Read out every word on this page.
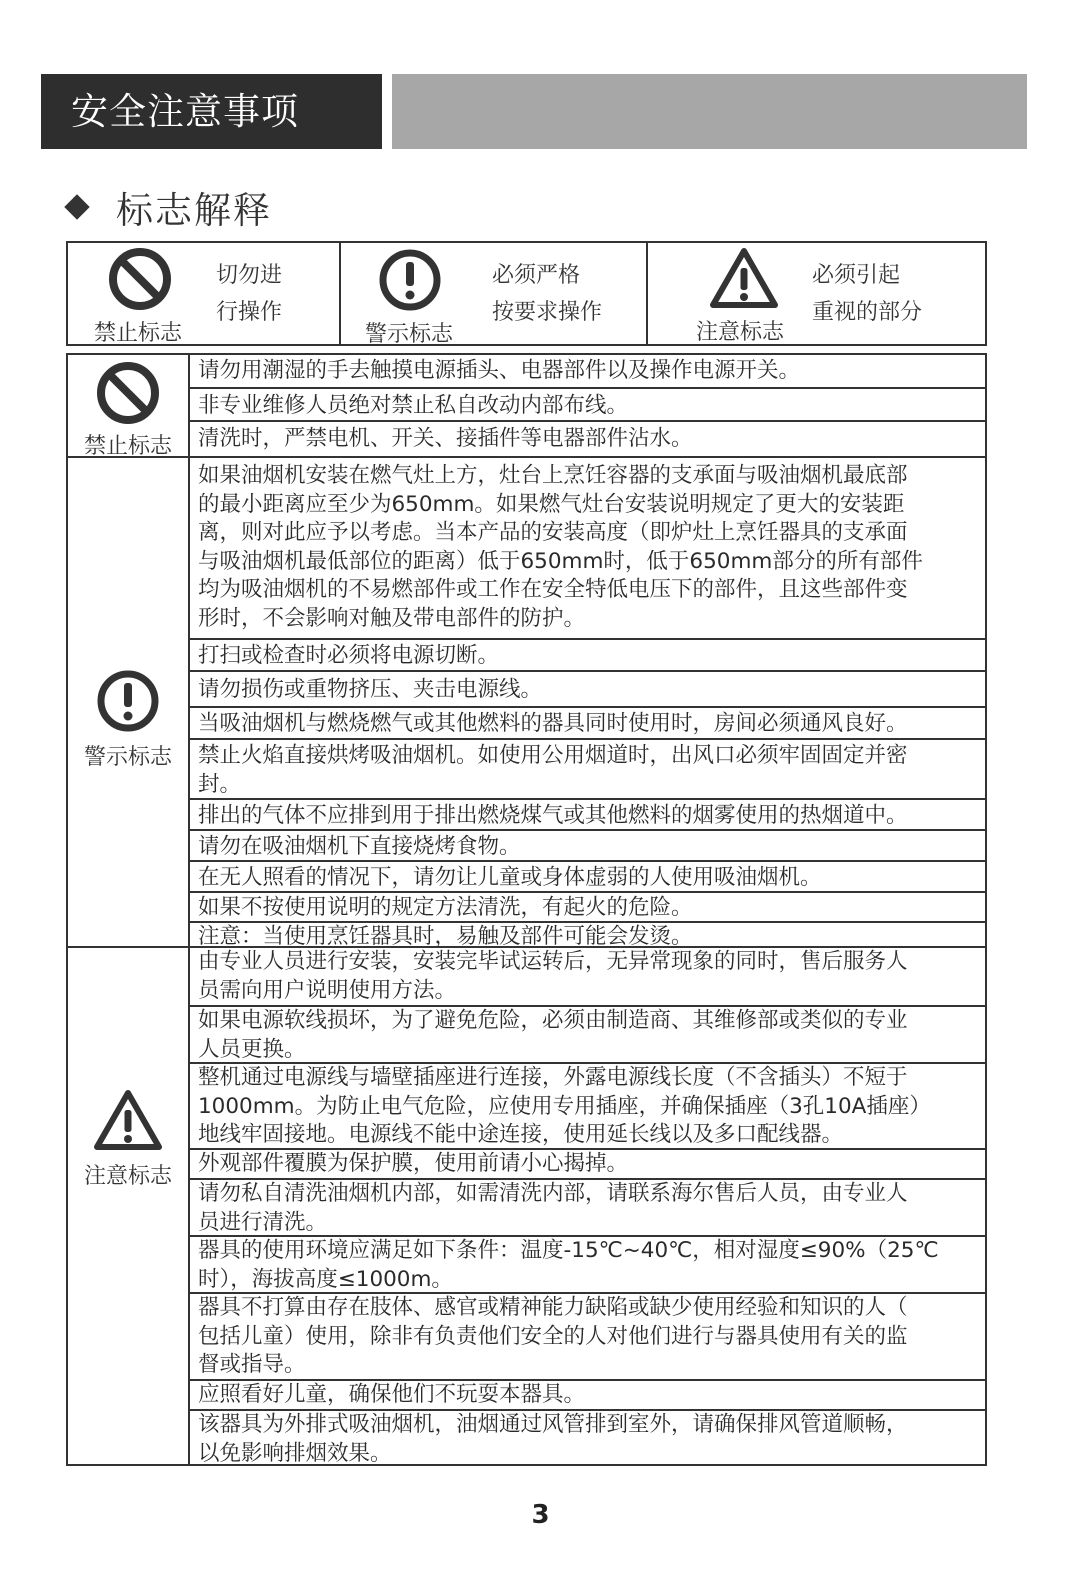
安全注意事项
标志解释
禁止标志
切勿进
行操作
警示标志
必须严格
按要求操作
注意标志
必须引起
重视的部分
禁止标志
请勿用潮湿的手去触摸电源插头、电器部件以及操作电源开关。
非专业维修人员绝对禁止私自改动内部布线。
清洗时，严禁电机、开关、接插件等电器部件沾水。
警示标志
如果油烟机安装在燃气灶上方，灶台上烹饪容器的支承面与吸油烟机最底部
的最小距离应至少为650mm。如果燃气灶台安装说明规定了更大的安装距
离，则对此应予以考虑。当本产品的安装高度（即炉灶上烹饪器具的支承面
与吸油烟机最低部位的距离）低于650mm时，低于650mm部分的所有部件
均为吸油烟机的不易燃部件或工作在安全特低电压下的部件，且这些部件变
形时，不会影响对触及带电部件的防护。
打扫或检查时必须将电源切断。
请勿损伤或重物挤压、夹击电源线。
当吸油烟机与燃烧燃气或其他燃料的器具同时使用时，房间必须通风良好。
禁止火焰直接烘烤吸油烟机。如使用公用烟道时，出风口必须牢固固定并密
封。
排出的气体不应排到用于排出燃烧煤气或其他燃料的烟雾使用的热烟道中。
请勿在吸油烟机下直接烧烤食物。
在无人照看的情况下，请勿让儿童或身体虚弱的人使用吸油烟机。
如果不按使用说明的规定方法清洗，有起火的危险。
注意：当使用烹饪器具时，易触及部件可能会发烫。
注意标志
由专业人员进行安装，安装完毕试运转后，无异常现象的同时，售后服务人
员需向用户说明使用方法。
如果电源软线损坏，为了避免危险，必须由制造商、其维修部或类似的专业
人员更换。
整机通过电源线与墙壁插座进行连接，外露电源线长度（不含插头）不短于
1000mm。为防止电气危险，应使用专用插座，并确保插座（3孔10A插座）
地线牢固接地。电源线不能中途连接，使用延长线以及多口配线器。
外观部件覆膜为保护膜，使用前请小心揭掉。
请勿私自清洗油烟机内部，如需清洗内部，请联系海尔售后人员，由专业人
员进行清洗。
器具的使用环境应满足如下条件：温度-15℃~40℃，相对湿度≤90%（25℃
时），海拔高度≤1000m。
器具不打算由存在肢体、感官或精神能力缺陷或缺少使用经验和知识的人（
包括儿童）使用，除非有负责他们安全的人对他们进行与器具使用有关的监
督或指导。
应照看好儿童，确保他们不玩耍本器具。
该器具为外排式吸油烟机，油烟通过风管排到室外，请确保排风管道顺畅，
以免影响排烟效果。
3
